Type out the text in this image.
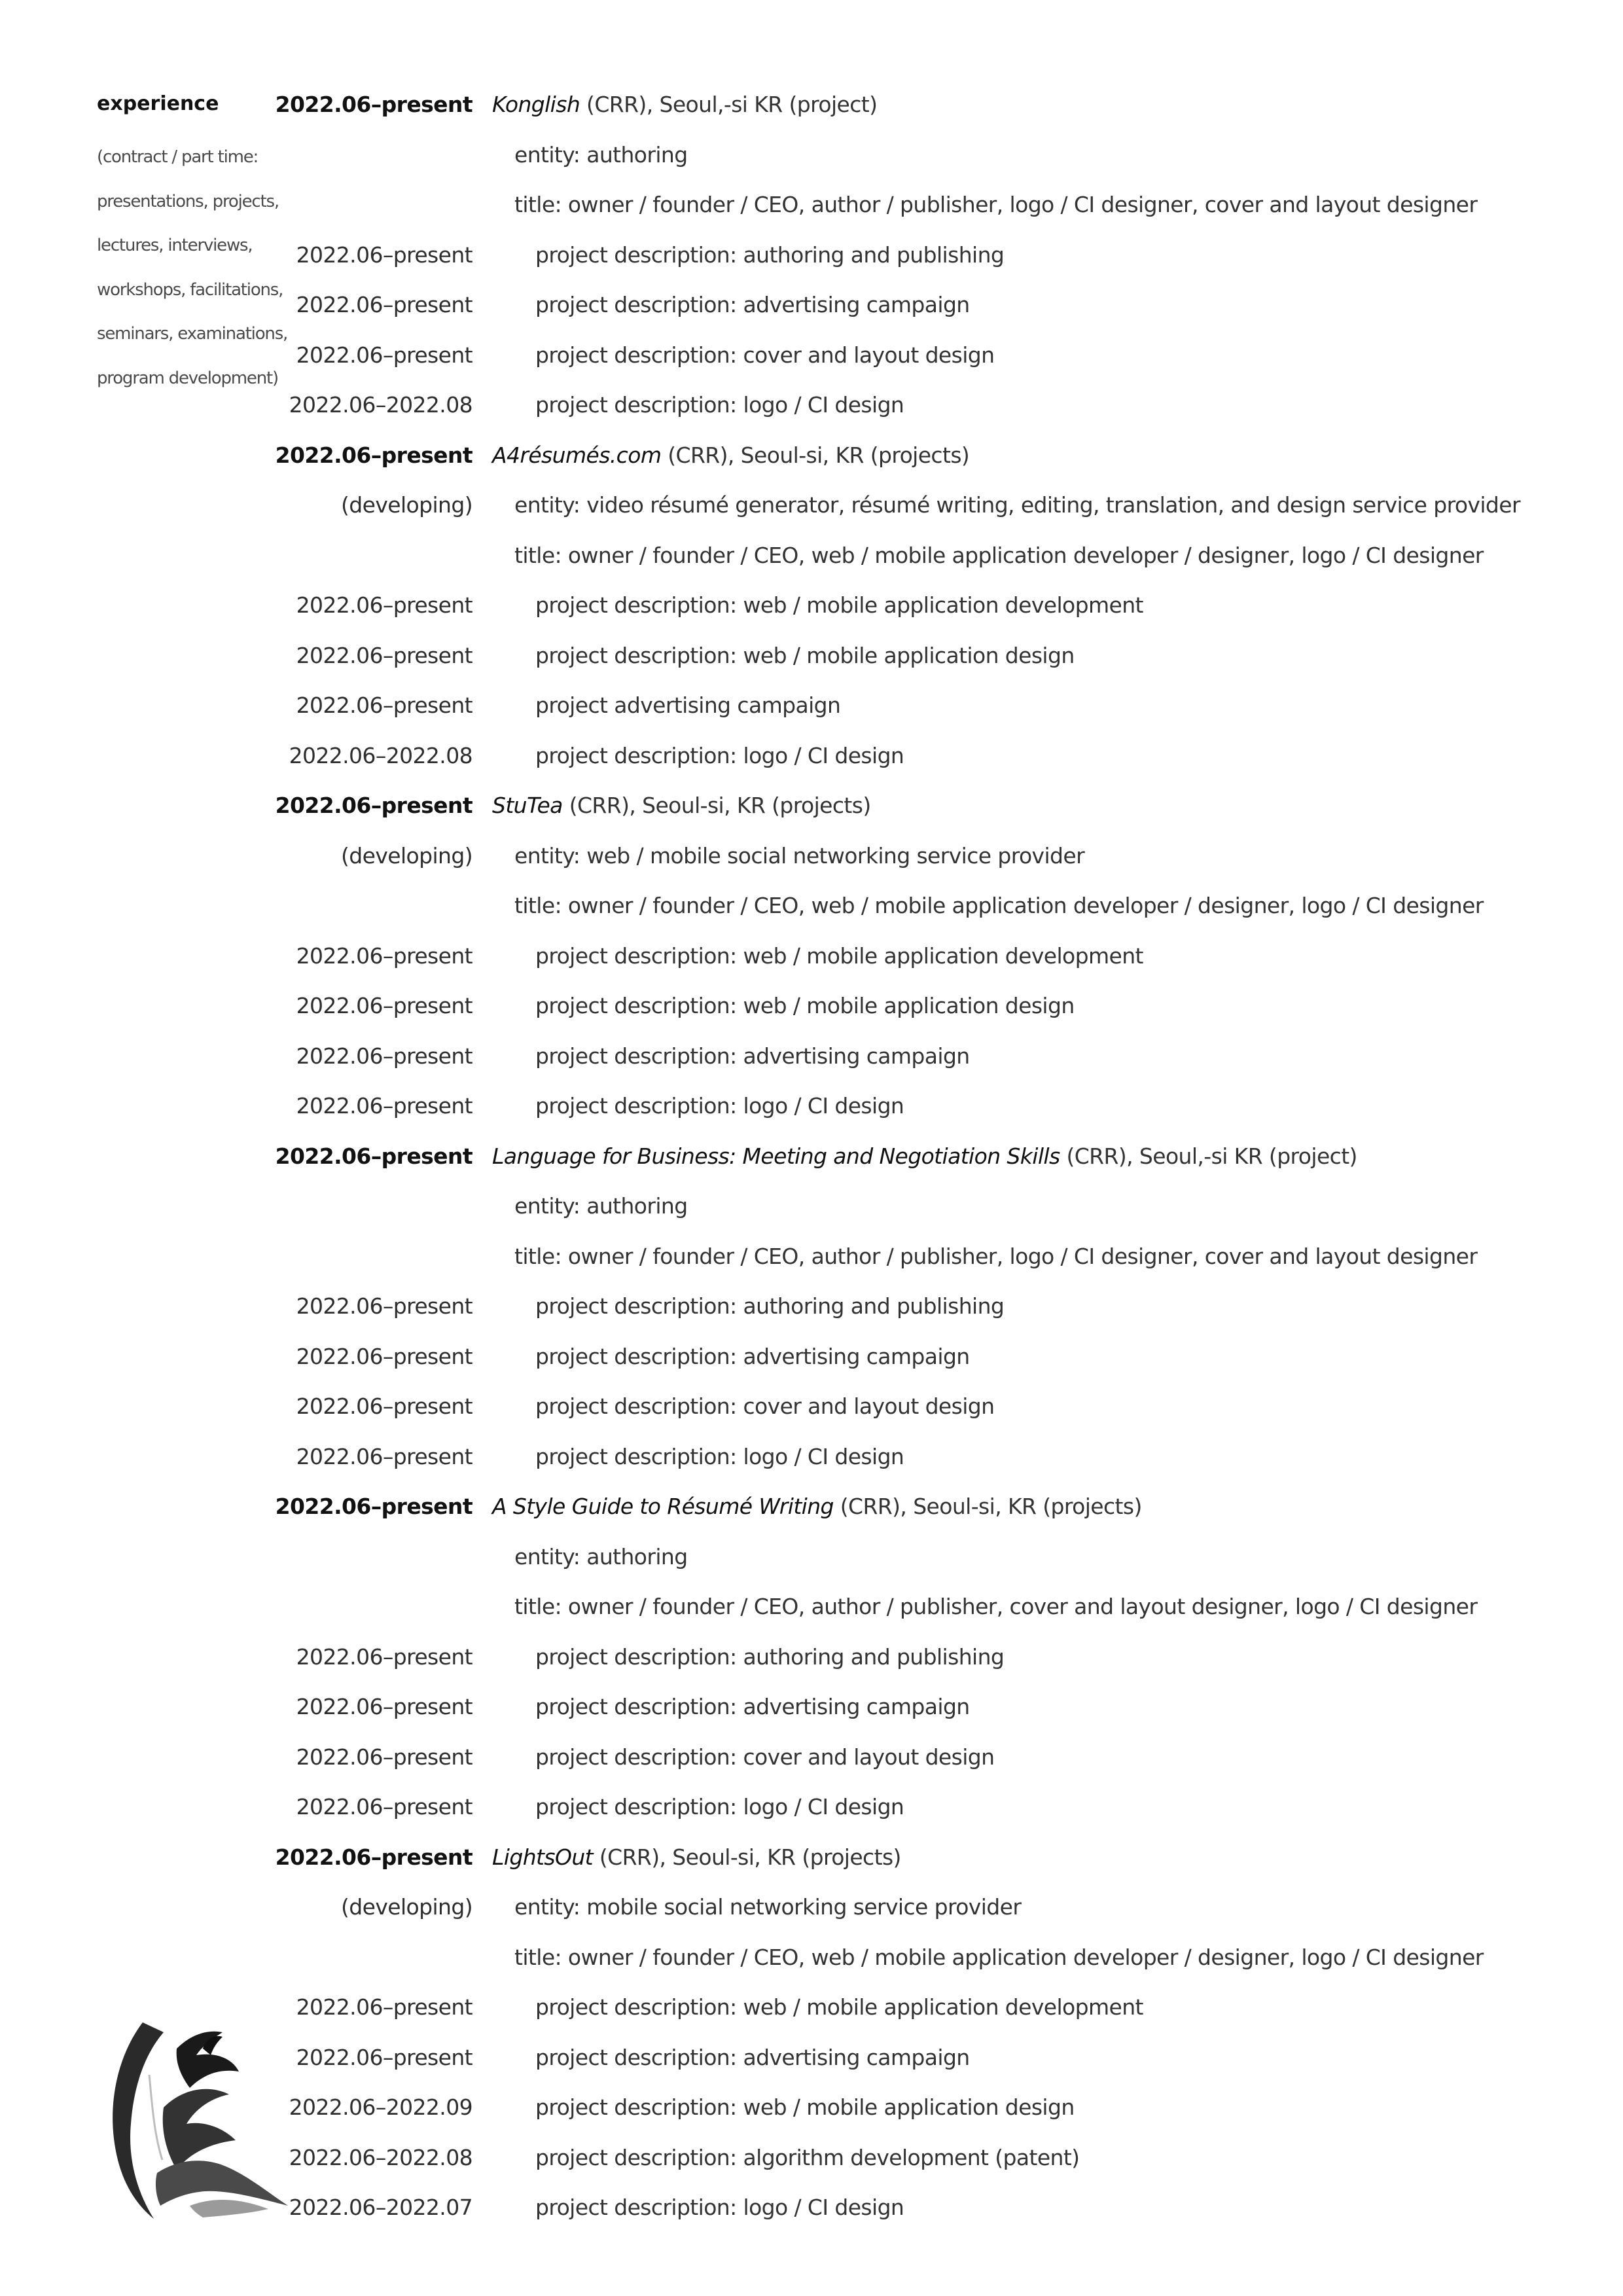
experience
(contract / part time:
presentations, projects,
lectures, interviews,
workshops, facilitations,
seminars, examinations,
program development)
2022.06–present Konglish (CRR), Seoul,-si KR (project)
entity: authoring
title: owner / founder / CEO, author / publisher, logo / CI designer, cover and layout designer
2022.06–present	project description: authoring and publishing
2022.06–present	project description: advertising campaign
2022.06–present	project description: cover and layout design
2022.06–2022.08	project description: logo / CI design
2022.06–present A4résumés.com (CRR), Seoul-si, KR (projects)
(developing) entity: video résumé generator, résumé writing, editing, translation, and design service provider
title: owner / founder / CEO, web / mobile application developer / designer, logo / CI designer
2022.06–present	project description: web / mobile application development
2022.06–present	project description: web / mobile application design
2022.06–present	project advertising campaign
2022.06–2022.08	project description: logo / CI design
2022.06–present StuTea (CRR), Seoul-si, KR (projects)
(developing) entity: web / mobile social networking service provider
title: owner / founder / CEO, web / mobile application developer / designer, logo / CI designer
2022.06–present	project description: web / mobile application development
2022.06–present	project description: web / mobile application design
2022.06–present	project description: advertising campaign
2022.06–present	project description: logo / CI design
2022.06–present Language for Business: Meeting and Negotiation Skills (CRR), Seoul,-si KR (project)
entity: authoring
title: owner / founder / CEO, author / publisher, logo / CI designer, cover and layout designer
2022.06–present	project description: authoring and publishing
2022.06–present	project description: advertising campaign
2022.06–present	project description: cover and layout design
2022.06–present	project description: logo / CI design
2022.06–present A Style Guide to Résumé Writing (CRR), Seoul-si, KR (projects)
entity: authoring
title: owner / founder / CEO, author / publisher, cover and layout designer, logo / CI designer
2022.06–present	project description: authoring and publishing
2022.06–present	project description: advertising campaign
2022.06–present	project description: cover and layout design
2022.06–present	project description: logo / CI design
2022.06–present LightsOut (CRR), Seoul-si, KR (projects)
(developing) entity: mobile social networking service provider
title: owner / founder / CEO, web / mobile application developer / designer, logo / CI designer
2022.06–present	project description: web / mobile application development
2022.06–present	project description: advertising campaign
2022.06–2022.09	project description: web / mobile application design
2022.06–2022.08	project description: algorithm development (patent)
2022.06–2022.07	project description: logo / CI design
